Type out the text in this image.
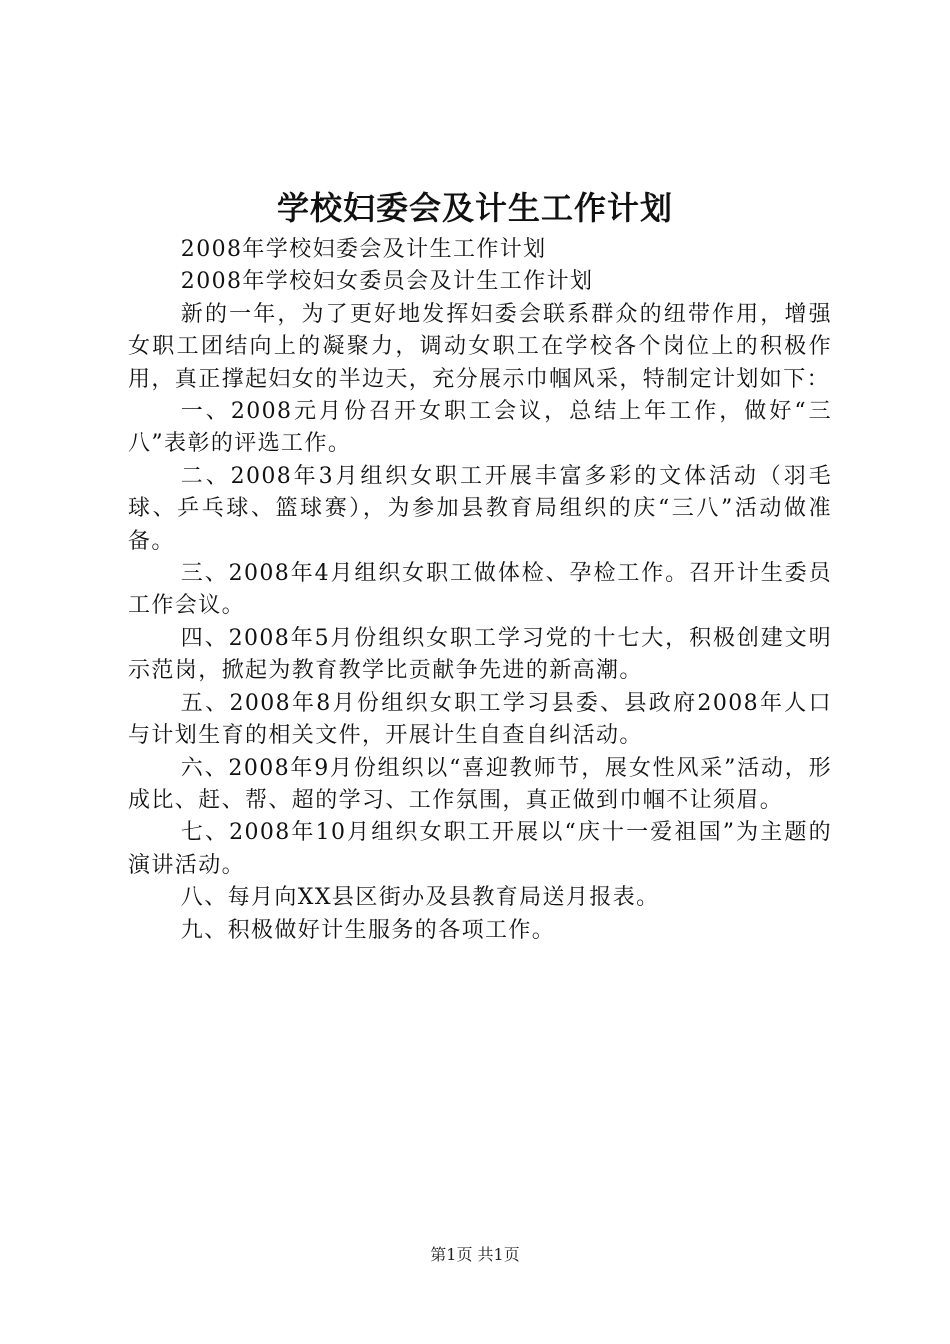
学校妇委会及计生工作计划

2008年学校妇委会及计生工作计划

2008年学校妇女委员会及计生工作计划

新的一年，为了更好地发挥妇委会联系群众的纽带作用，增强女职工团结向上的凝聚力，调动女职工在学校各个岗位上的积极作用，真正撑起妇女的半边天，充分展示巾帼风采，特制定计划如下：

一、2008元月份召开女职工会议，总结上年工作，做好“三八”表彰的评选工作。

二、2008年3月组织女职工开展丰富多彩的文体活动（羽毛球、乒乓球、篮球赛），为参加县教育局组织的庆“三八”活动做准备。

三、2008年4月组织女职工做体检、孕检工作。召开计生委员工作会议。

四、2008年5月份组织女职工学习党的十七大，积极创建文明示范岗，掀起为教育教学比贡献争先进的新高潮。

五、2008年8月份组织女职工学习县委、县政府2008年人口与计划生育的相关文件，开展计生自查自纠活动。

六、2008年9月份组织以“喜迎教师节，展女性风采”活动，形成比、赶、帮、超的学习、工作氛围，真正做到巾帼不让须眉。

七、2008年10月组织女职工开展以“庆十一爱祖国”为主题的演讲活动。

八、每月向XX县区街办及县教育局送月报表。

九、积极做好计生服务的各项工作。

第1页 共1页
